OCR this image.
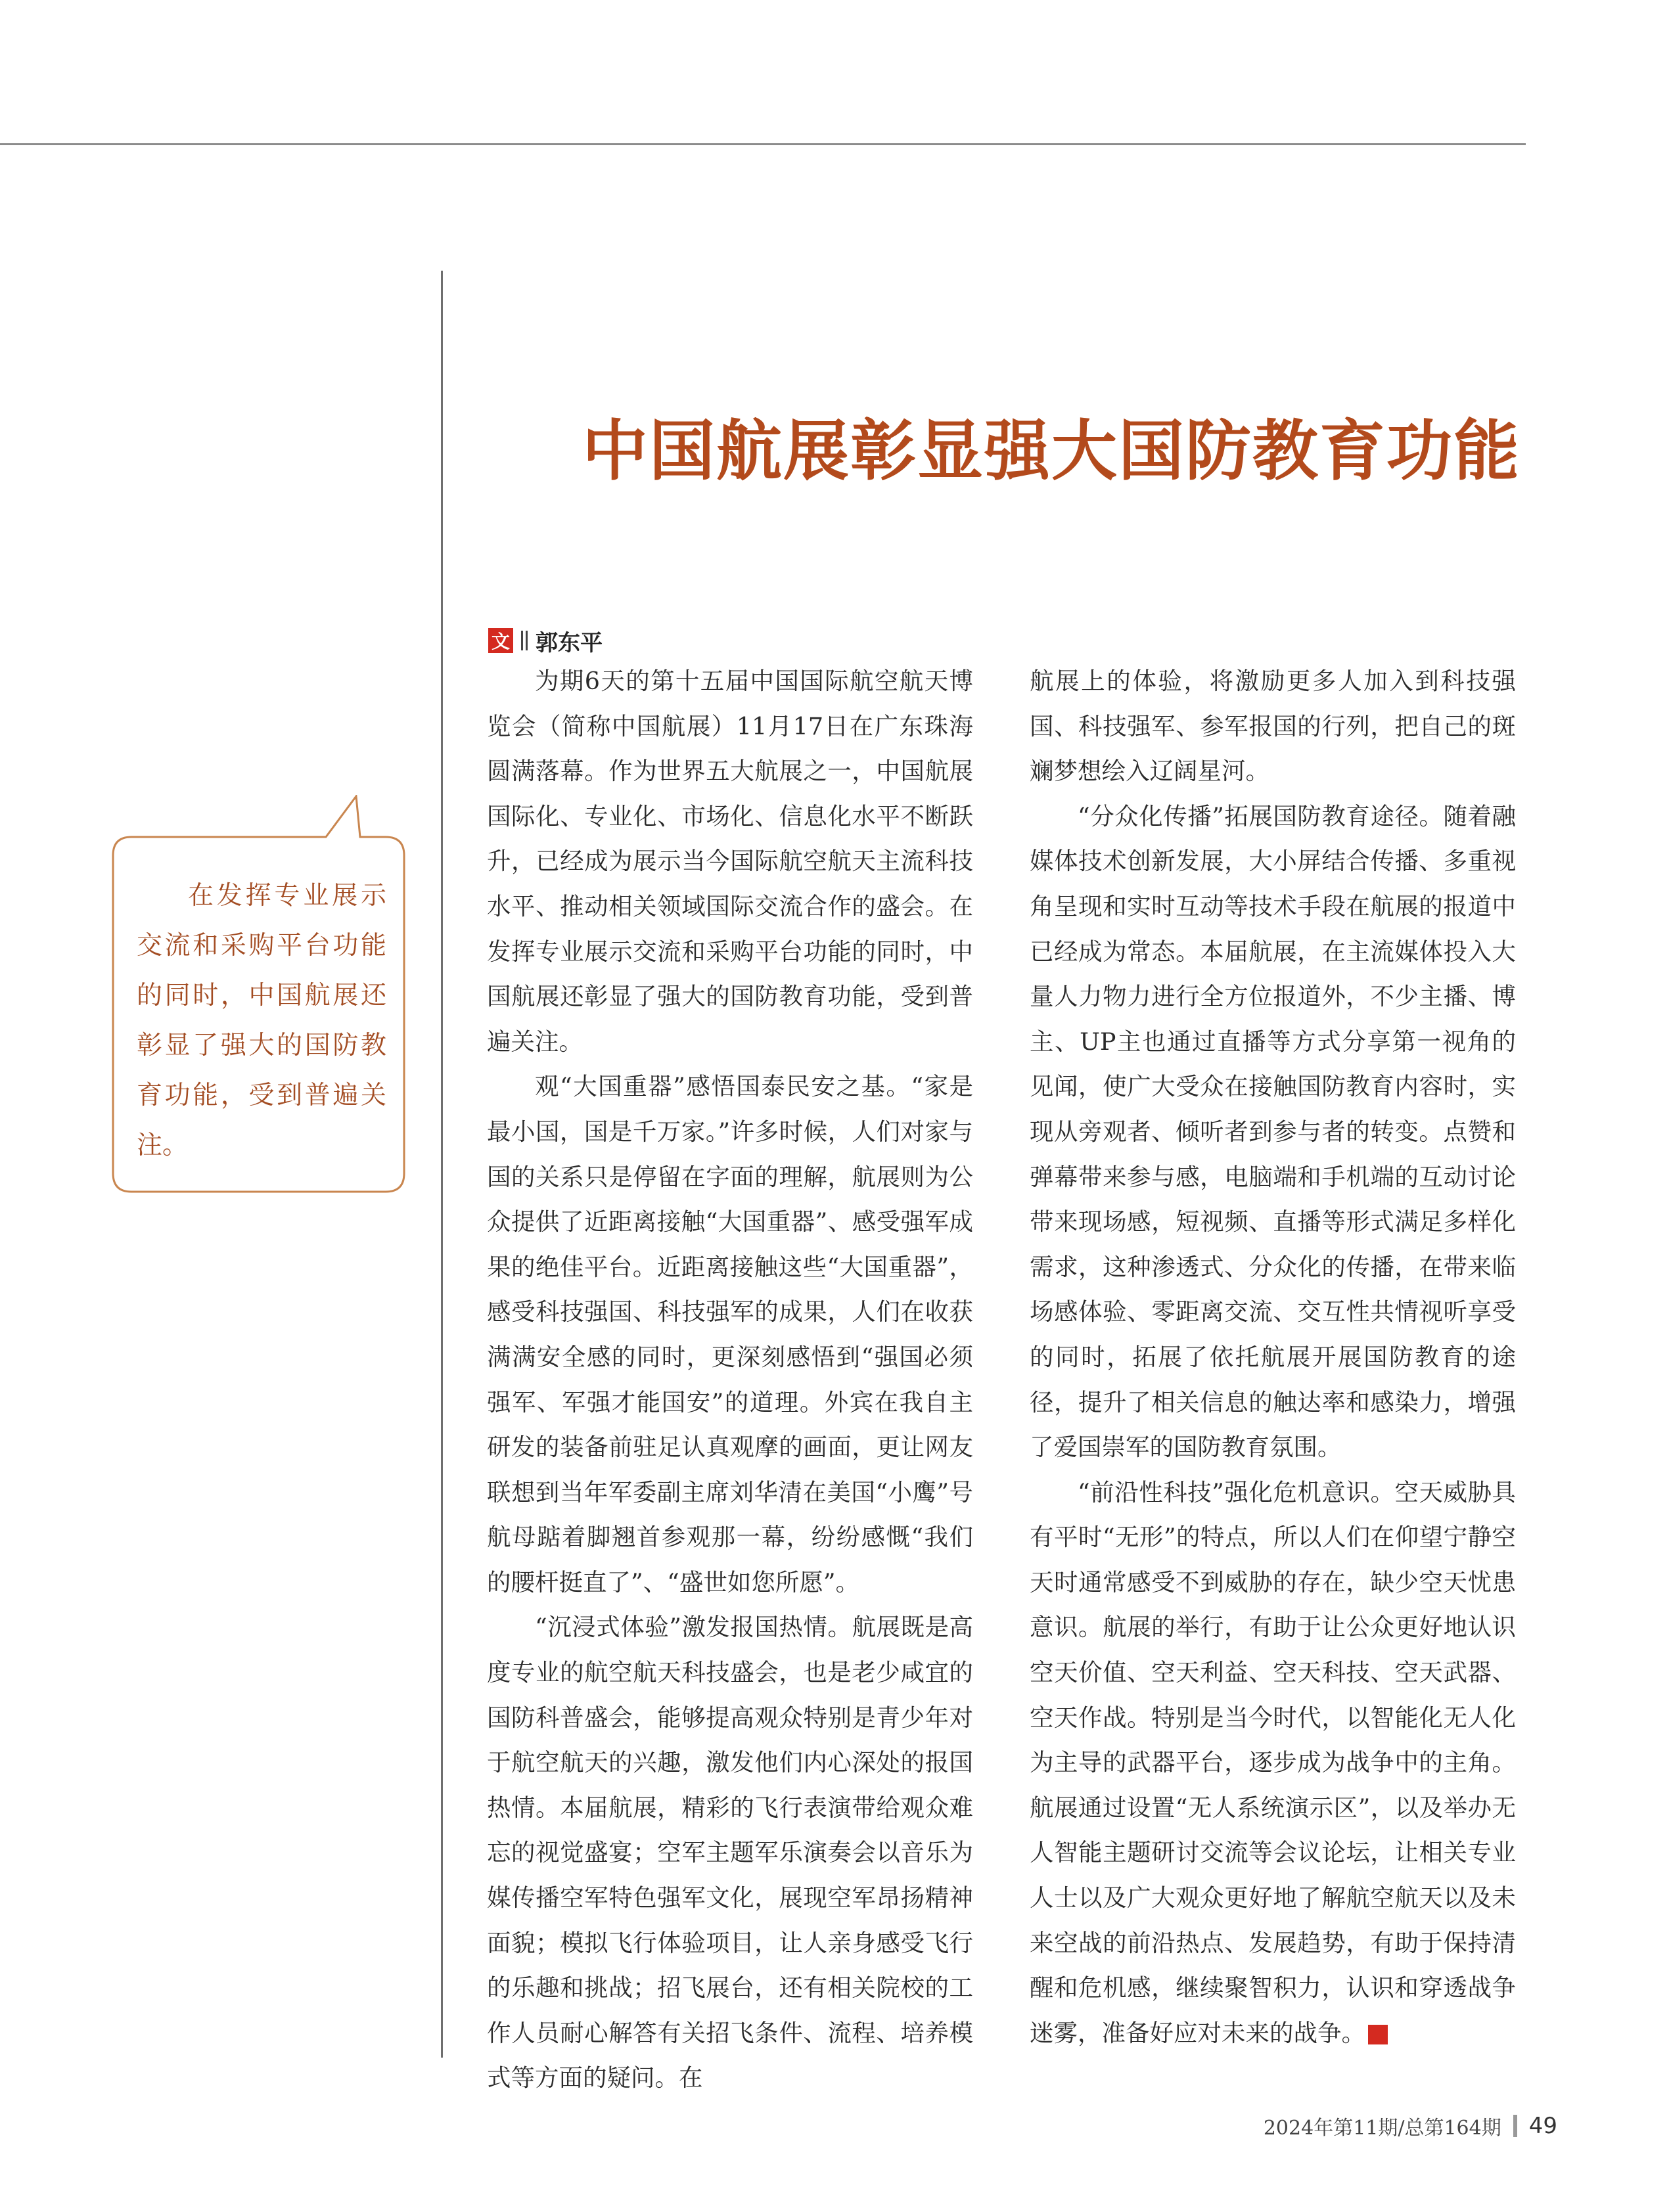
中国航展彰显强大国防教育功能
文 郭东平

为期6天的第十五届中国国际航空航天博览会（简称中国航展）11月17日在广东珠海圆满落幕。作为世界五大航展之一，中国航展国际化、专业化、市场化、信息化水平不断跃升，已经成为展示当今国际航空航天主流科技水平、推动相关领域国际交流合作的盛会。在发挥专业展示交流和采购平台功能的同时，中国航展还彰显了强大的国防教育功能，受到普遍关注。

观“大国重器”感悟国泰民安之基。“家是最小国，国是千万家。”许多时候，人们对家与国的关系只是停留在字面的理解，航展则为公众提供了近距离接触“大国重器”、感受强军成果的绝佳平台。近距离接触这些“大国重器”，感受科技强国、科技强军的成果，人们在收获满满安全感的同时，更深刻感悟到“强国必须强军、军强才能国安”的道理。外宾在我自主研发的装备前驻足认真观摩的画面，更让网友联想到当年军委副主席刘华清在美国“小鹰”号航母踮着脚翘首参观那一幕，纷纷感慨“我们的腰杆挺直了”、“盛世如您所愿”。

“沉浸式体验”激发报国热情。航展既是高度专业的航空航天科技盛会，也是老少咸宜的国防科普盛会，能够提高观众特别是青少年对于航空航天的兴趣，激发他们内心深处的报国热情。本届航展，精彩的飞行表演带给观众难忘的视觉盛宴；空军主题军乐演奏会以音乐为媒传播空军特色强军文化，展现空军昂扬精神面貌；模拟飞行体验项目，让人亲身感受飞行的乐趣和挑战；招飞展台，还有相关院校的工作人员耐心解答有关招飞条件、流程、培养模式等方面的疑问。在

航展上的体验，将激励更多人加入到科技强国、科技强军、参军报国的行列，把自己的斑斓梦想绘入辽阔星河。

“分众化传播”拓展国防教育途径。随着融媒体技术创新发展，大小屏结合传播、多重视角呈现和实时互动等技术手段在航展的报道中已经成为常态。本届航展，在主流媒体投入大量人力物力进行全方位报道外，不少主播、博主、UP主也通过直播等方式分享第一视角的见闻，使广大受众在接触国防教育内容时，实现从旁观者、倾听者到参与者的转变。点赞和弹幕带来参与感，电脑端和手机端的互动讨论带来现场感，短视频、直播等形式满足多样化需求，这种渗透式、分众化的传播，在带来临场感体验、零距离交流、交互性共情视听享受的同时，拓展了依托航展开展国防教育的途径，提升了相关信息的触达率和感染力，增强了爱国崇军的国防教育氛围。

“前沿性科技”强化危机意识。空天威胁具有平时“无形”的特点，所以人们在仰望宁静空天时通常感受不到威胁的存在，缺少空天忧患意识。航展的举行，有助于让公众更好地认识空天价值、空天利益、空天科技、空天武器、空天作战。特别是当今时代，以智能化无人化为主导的武器平台，逐步成为战争中的主角。航展通过设置“无人系统演示区”，以及举办无人智能主题研讨交流等会议论坛，让相关专业人士以及广大观众更好地了解航空航天以及未来空战的前沿热点、发展趋势，有助于保持清醒和危机感，继续聚智积力，认识和穿透战争迷雾，准备好应对未来的战争。	G

在发挥专业展示交流和采购平台功能的同时，中国航展还彰显了强大的国防教育功能，受到普遍关注。

2024年第11期/总第164期 49
